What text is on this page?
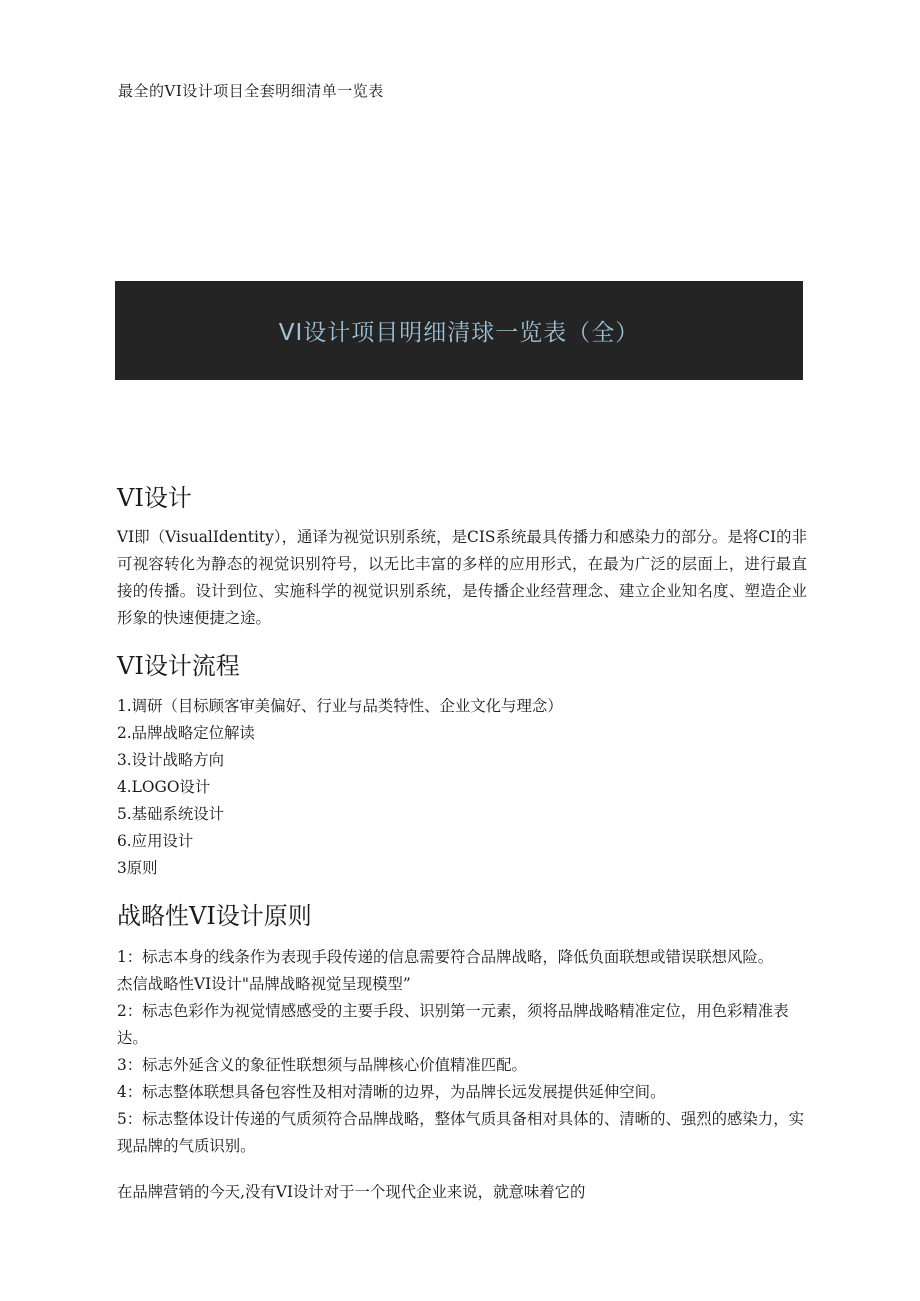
最全的VI设计项目全套明细清单一览表
VI设计项目明细清球一览表（全）
VI设计

VI即（VisualIdentity），通译为视觉识别系统，是CIS系统最具传播力和感染力的部分。是将CI的非可视容转化为静态的视觉识别符号，以无比丰富的多样的应用形式，在最为广泛的层面上，进行最直接的传播。设计到位、实施科学的视觉识别系统，是传播企业经营理念、建立企业知名度、塑造企业形象的快速便捷之途。

VI设计流程
1.调研（目标顾客审美偏好、行业与品类特性、企业文化与理念）
2.品牌战略定位解读
3.设计战略方向
4.LOGO设计
5.基础系统设计
6.应用设计
3原则
战略性VI设计原则
1：标志本身的线条作为表现手段传递的信息需要符合品牌战略，降低负面联想或错误联想风险。
杰信战略性VI设计"品牌战略视觉呈现模型”
2：标志色彩作为视觉情感感受的主要手段、识别第一元素，须将品牌战略精准定位，用色彩精准表达。
3：标志外延含义的象征性联想须与品牌核心价值精准匹配。
4：标志整体联想具备包容性及相对清晰的边界，为品牌长远发展提供延伸空间。
5：标志整体设计传递的气质须符合品牌战略，整体气质具备相对具体的、清晰的、强烈的感染力，实现品牌的气质识别。

在品牌营销的今天,没有VI设计对于一个现代企业来说，就意味着它的
